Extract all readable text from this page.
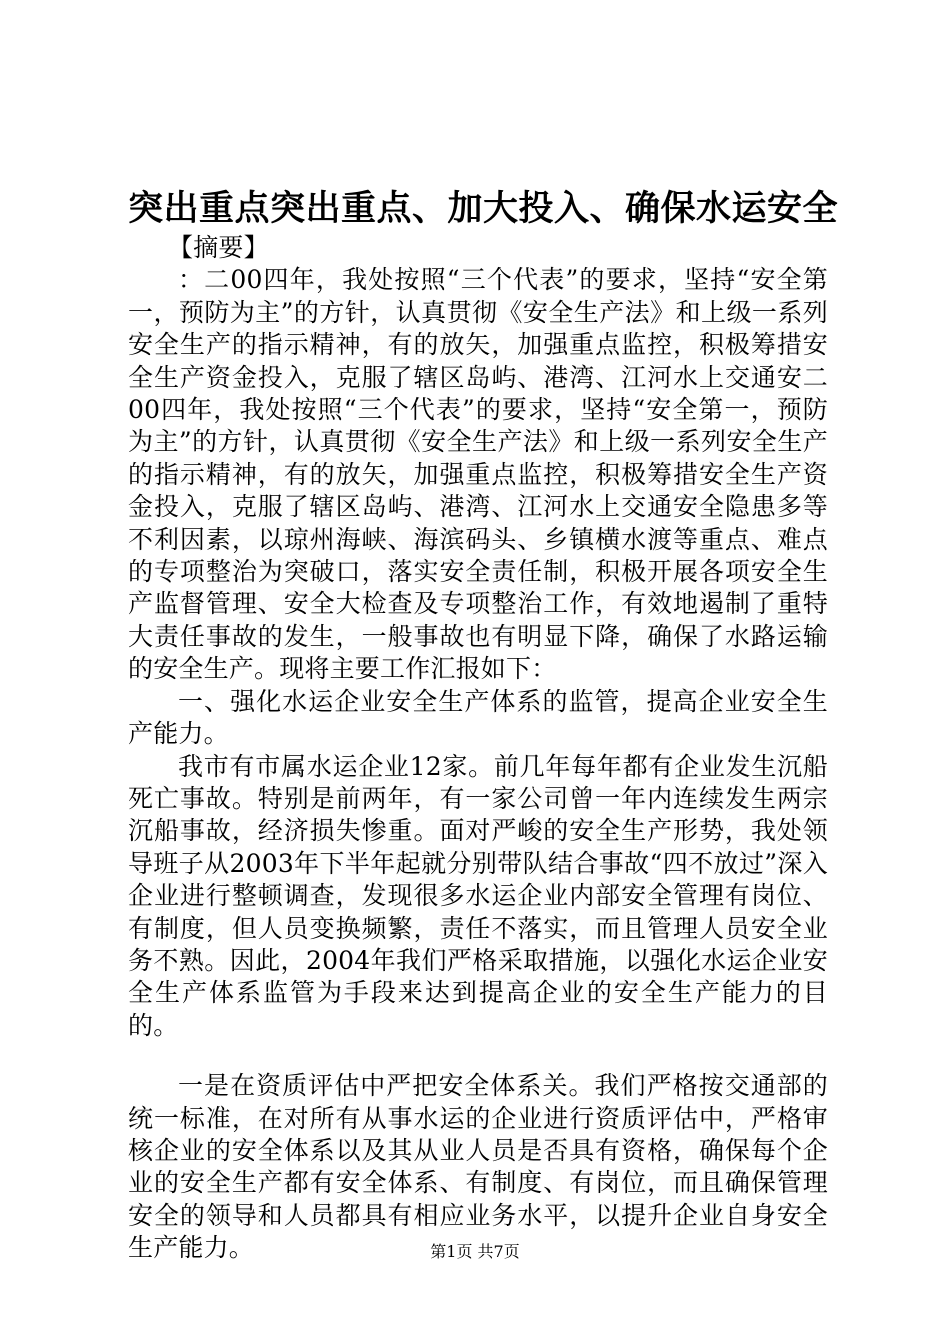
突出重点突出重点、加大投入、确保水运安全

【摘要】

：二00四年，我处按照“三个代表”的要求，坚持“安全第一，预防为主”的方针，认真贯彻《安全生产法》和上级一系列安全生产的指示精神，有的放矢，加强重点监控，积极筹措安全生产资金投入，克服了辖区岛屿、港湾、江河水上交通安二00四年，我处按照“三个代表”的要求，坚持“安全第一，预防为主”的方针，认真贯彻《安全生产法》和上级一系列安全生产的指示精神，有的放矢，加强重点监控，积极筹措安全生产资金投入，克服了辖区岛屿、港湾、江河水上交通安全隐患多等不利因素，以琼州海峡、海滨码头、乡镇横水渡等重点、难点的专项整治为突破口，落实安全责任制，积极开展各项安全生产监督管理、安全大检查及专项整治工作，有效地遏制了重特大责任事故的发生，一般事故也有明显下降，确保了水路运输的安全生产。现将主要工作汇报如下：

一、强化水运企业安全生产体系的监管，提高企业安全生产能力。

我市有市属水运企业12家。前几年每年都有企业发生沉船死亡事故。特别是前两年，有一家公司曾一年内连续发生两宗沉船事故，经济损失惨重。面对严峻的安全生产形势，我处领导班子从2003年下半年起就分别带队结合事故“四不放过”深入企业进行整顿调查，发现很多水运企业内部安全管理有岗位、有制度，但人员变换频繁，责任不落实，而且管理人员安全业务不熟。因此，2004年我们严格采取措施，以强化水运企业安全生产体系监管为手段来达到提高企业的安全生产能力的目的。

一是在资质评估中严把安全体系关。我们严格按交通部的统一标准，在对所有从事水运的企业进行资质评估中，严格审核企业的安全体系以及其从业人员是否具有资格，确保每个企业的安全生产都有安全体系、有制度、有岗位，而且确保管理安全的领导和人员都具有相应业务水平，以提升企业自身安全生产能力。	第1页 共7页
